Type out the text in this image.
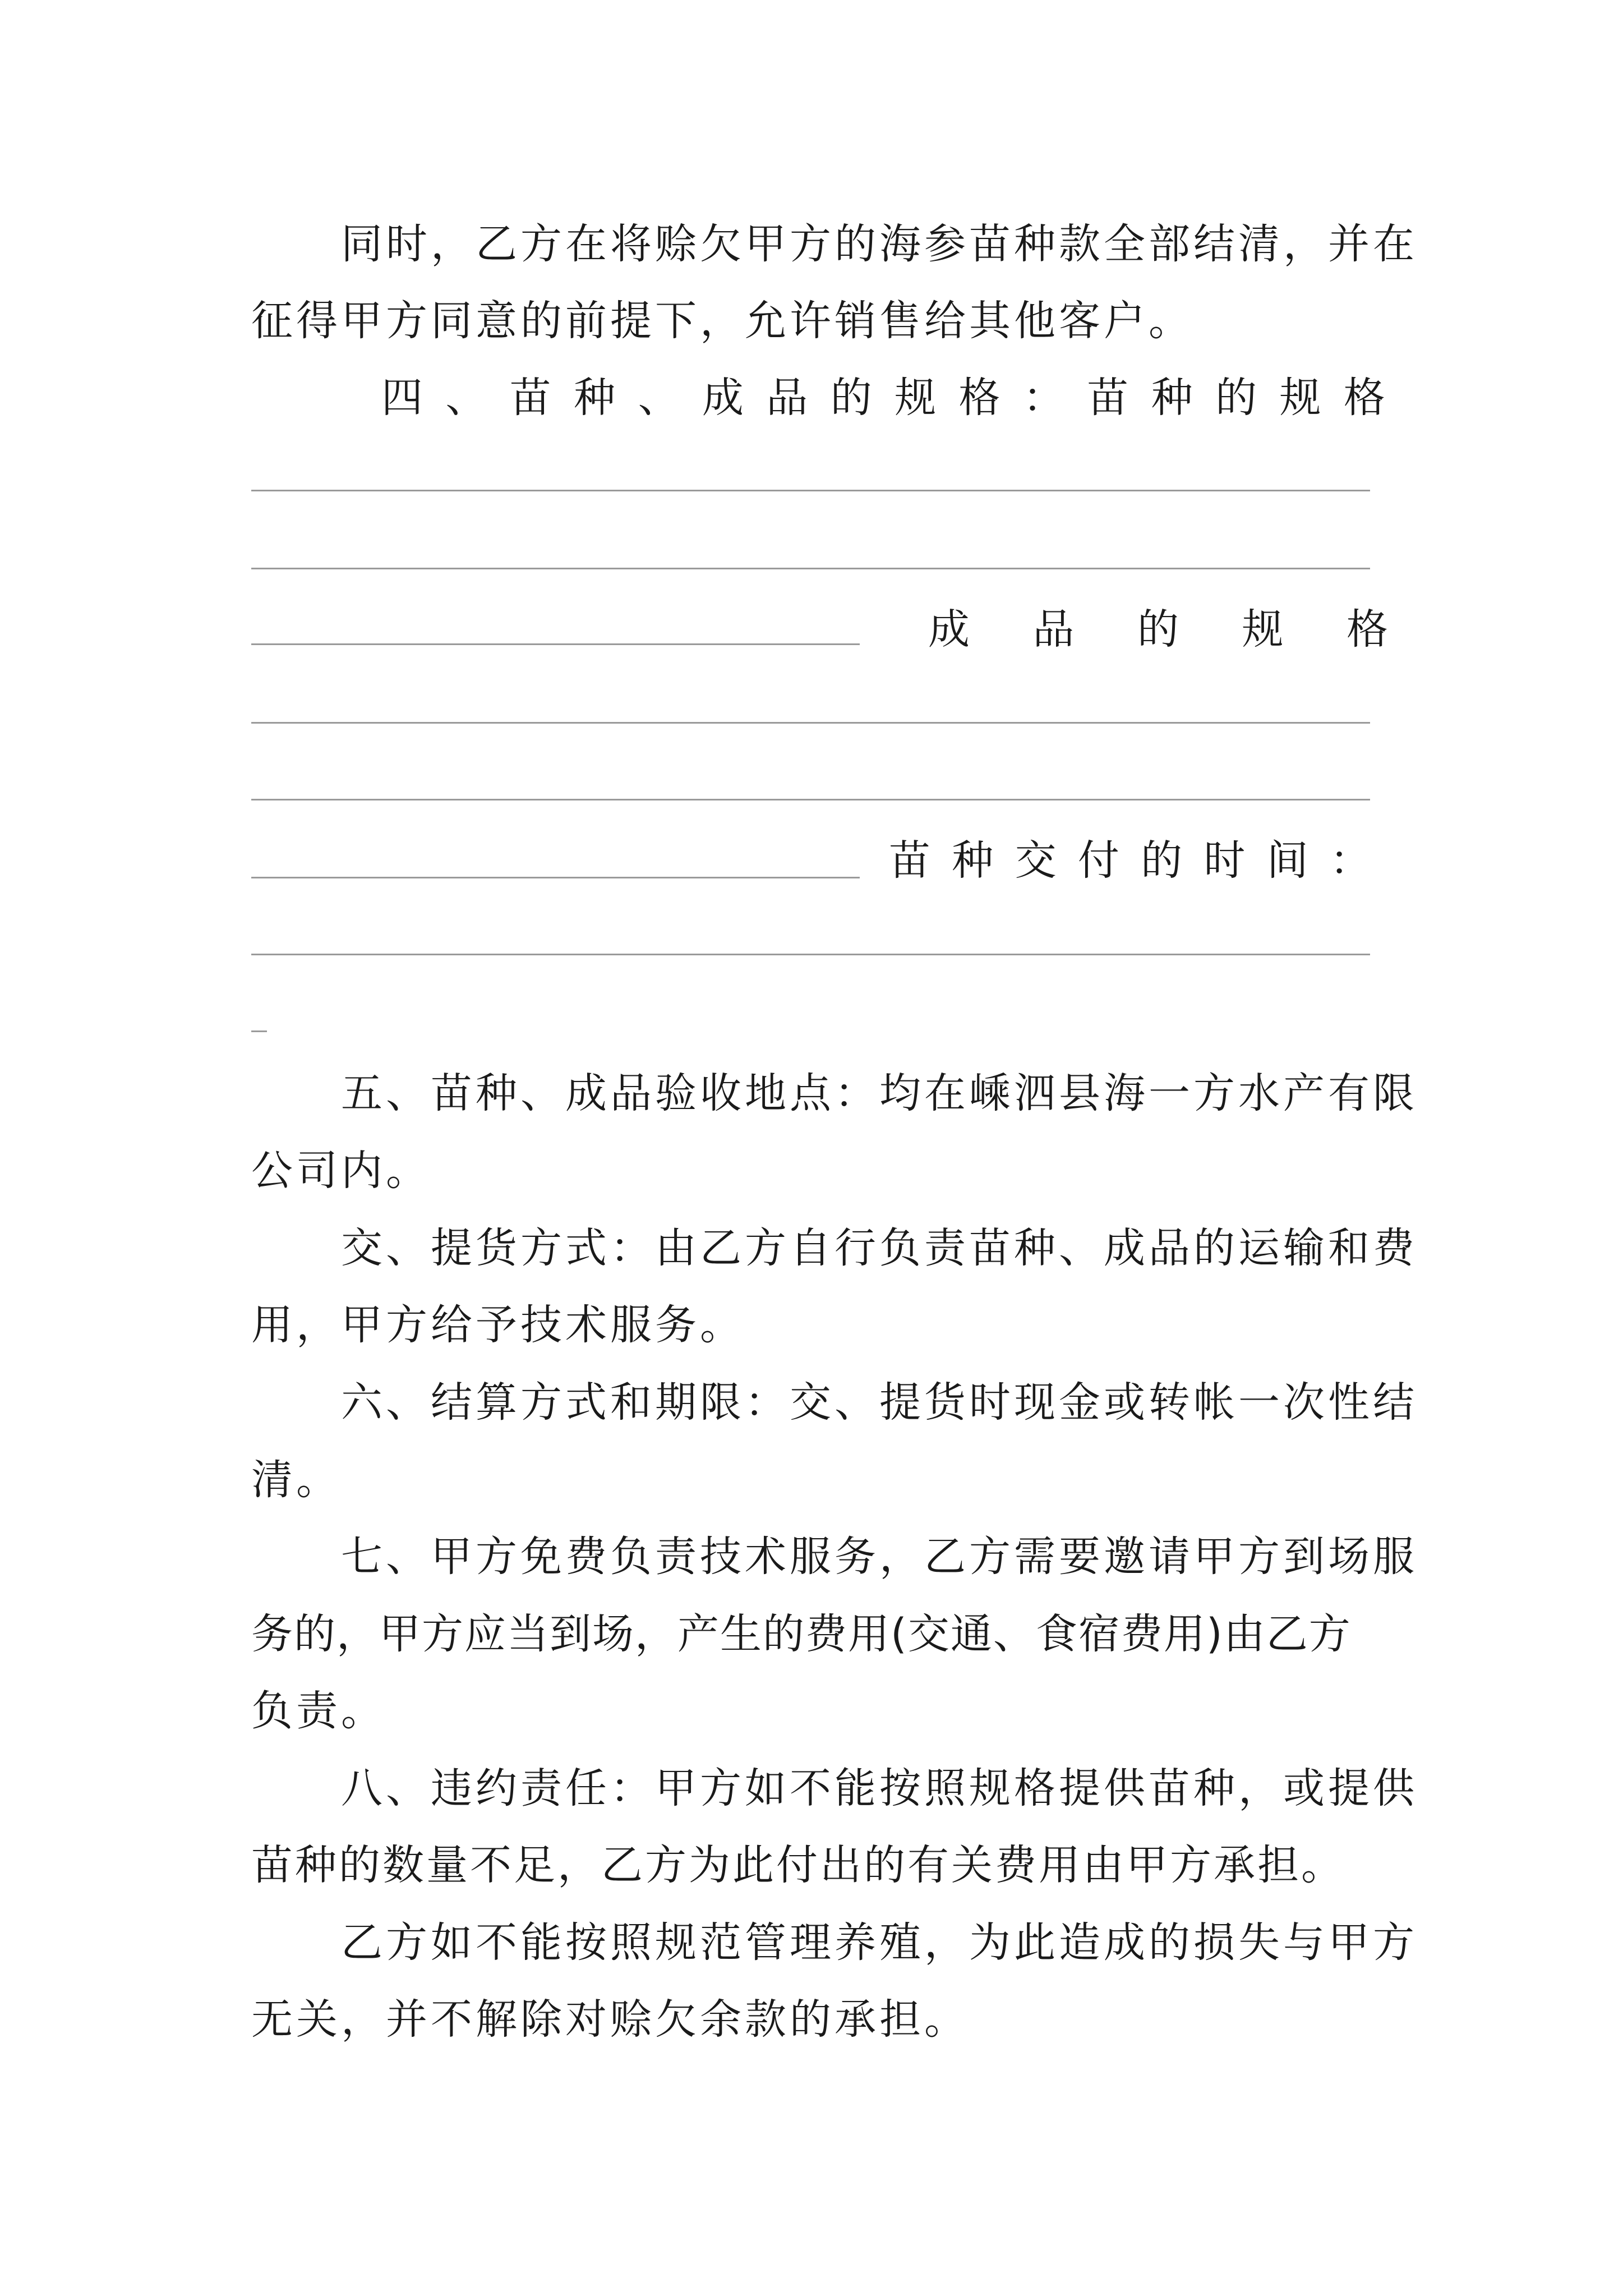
同时，乙方在将赊欠甲方的海参苗种款全部结清，并在
征得甲方同意的前提下，允许销售给其他客户。
四 、 苗 种 、 成 品 的 规 格 ： 苗 种 的 规 格
成 品 的 规 格
苗 种 交 付 的 时 间 ：
五、苗种、成品验收地点：均在嵊泗县海一方水产有限
公司内。
交、提货方式：由乙方自行负责苗种、成品的运输和费
用，甲方给予技术服务。
六、结算方式和期限：交、提货时现金或转帐一次性结
清。
七、甲方免费负责技术服务，乙方需要邀请甲方到场服
务的，甲方应当到场，产生的费用(交通、食宿费用)由乙方
负责。
八、违约责任：甲方如不能按照规格提供苗种，或提供
苗种的数量不足，乙方为此付出的有关费用由甲方承担。
乙方如不能按照规范管理养殖，为此造成的损失与甲方
无关，并不解除对赊欠余款的承担。
